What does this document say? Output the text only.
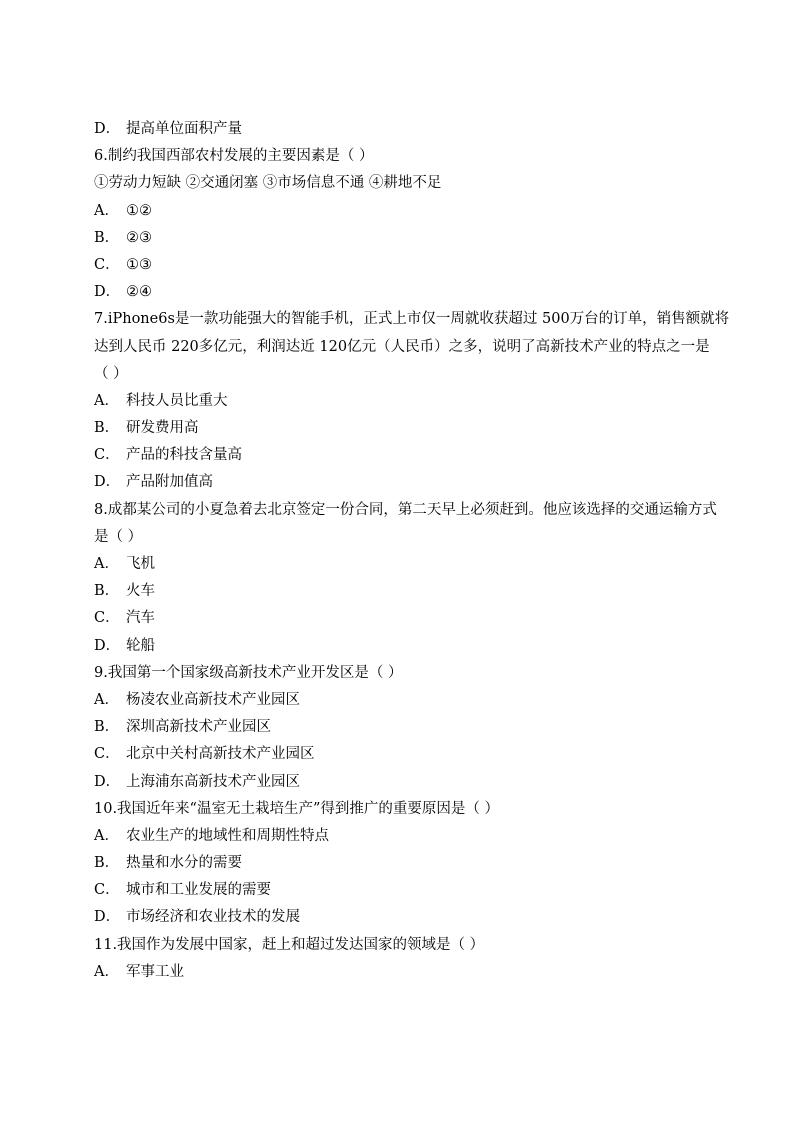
D． 提高单位面积产量
6.制约我国西部农村发展的主要因素是（ ）
①劳动力短缺 ②交通闭塞 ③市场信息不通 ④耕地不足
A． ①②
B． ②③
C． ①③
D． ②④
7.iPhone6s是一款功能强大的智能手机，正式上市仅一周就收获超过 500万台的订单，销售额就将
达到人民币 220多亿元，利润达近 120亿元（人民币）之多，说明了高新技术产业的特点之一是
（ ）
A． 科技人员比重大
B． 研发费用高
C． 产品的科技含量高
D． 产品附加值高
8.成都某公司的小夏急着去北京签定一份合同，第二天早上必须赶到。他应该选择的交通运输方式
是（ ）
A． 飞机
B． 火车
C． 汽车
D． 轮船
9.我国第一个国家级高新技术产业开发区是（ ）
A． 杨凌农业高新技术产业园区
B． 深圳高新技术产业园区
C． 北京中关村高新技术产业园区
D． 上海浦东高新技术产业园区
10.我国近年来“温室无土栽培生产”得到推广的重要原因是（ ）
A． 农业生产的地域性和周期性特点
B． 热量和水分的需要
C． 城市和工业发展的需要
D． 市场经济和农业技术的发展
11.我国作为发展中国家，赶上和超过发达国家的领域是（ ）
A． 军事工业
